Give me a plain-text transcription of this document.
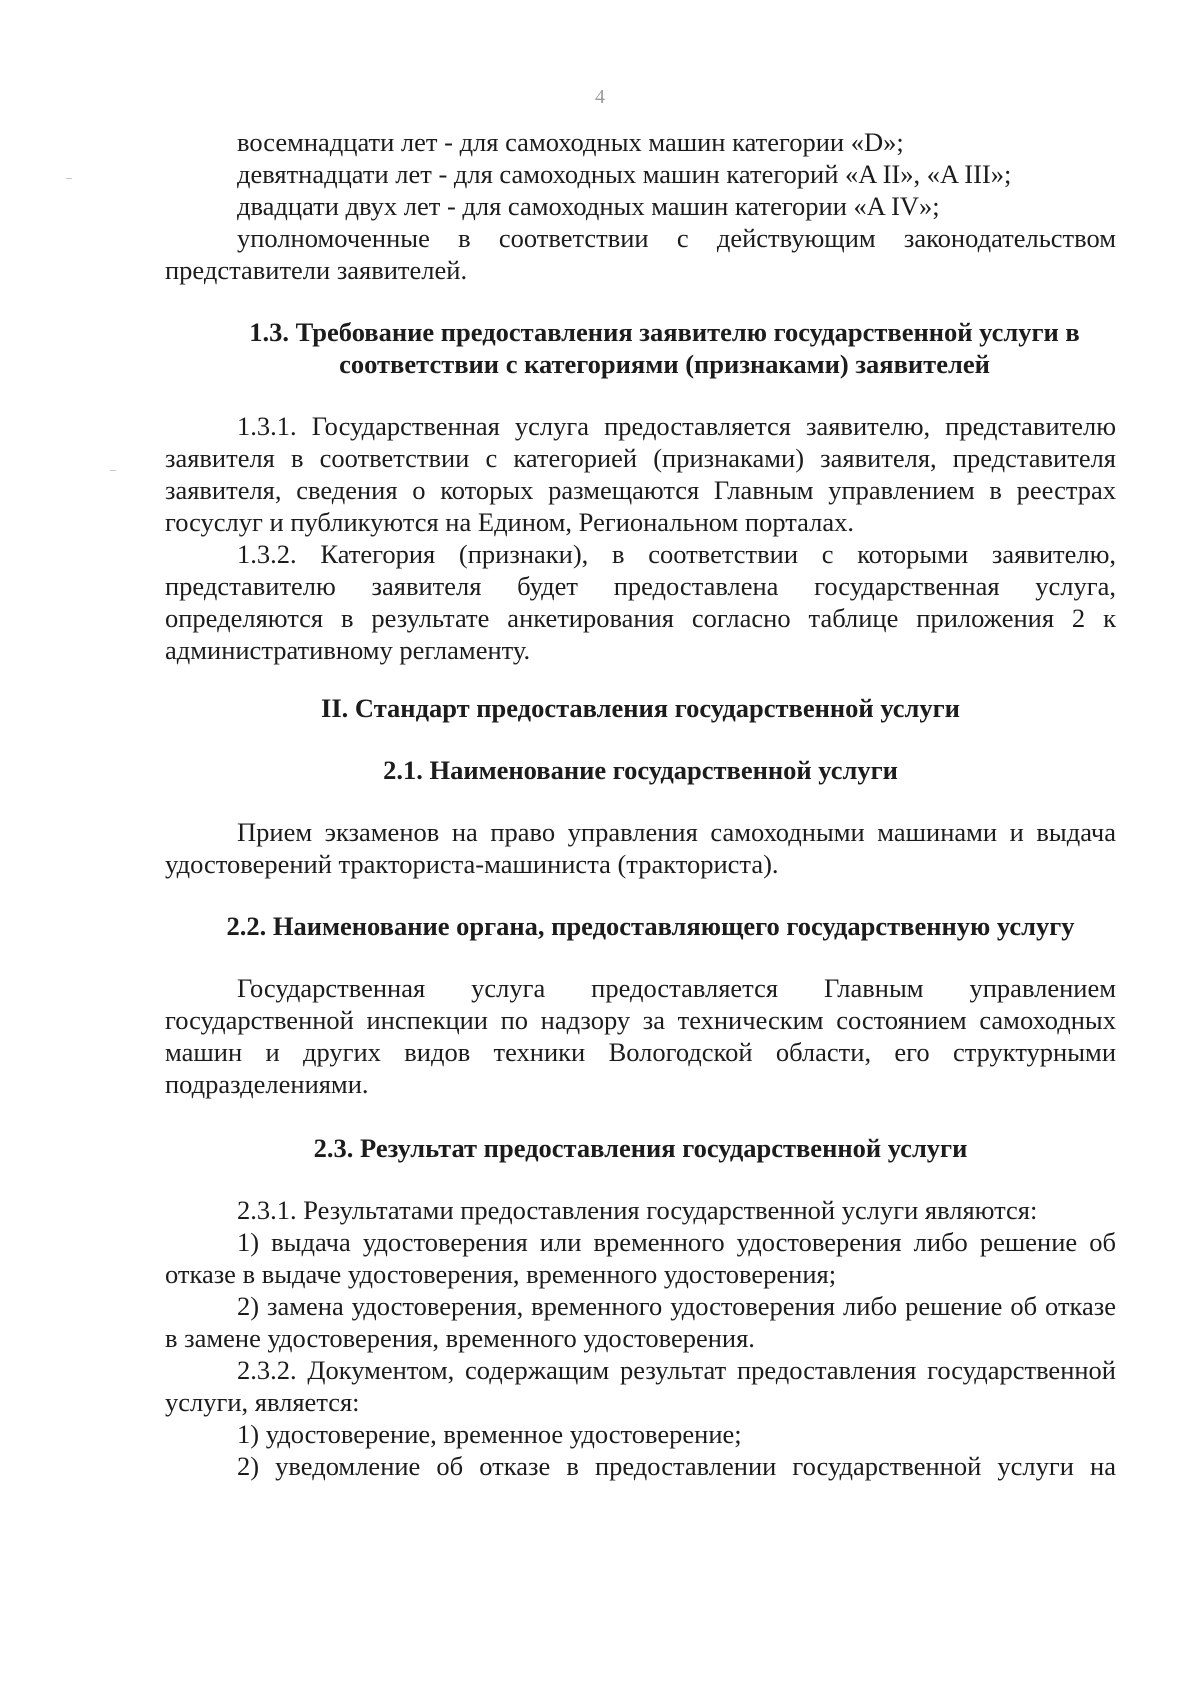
4

восемнадцати лет - для самоходных машин категории «D»;

девятнадцати лет - для самоходных машин категорий «A II», «A III»;

двадцати двух лет - для самоходных машин категории «A IV»;

уполномоченные в соответствии с действующим законодательством представители заявителей.

1.3. Требование предоставления заявителю государственной услуги в соответствии с категориями (признаками) заявителей

1.3.1. Государственная услуга предоставляется заявителю, представителю заявителя в соответствии с категорией (признаками) заявителя, представителя заявителя, сведения о которых размещаются Главным управлением в реестрах госуслуг и публикуются на Едином, Региональном порталах.

1.3.2. Категория (признаки), в соответствии с которыми заявителю, представителю заявителя будет предоставлена государственная услуга, определяются в результате анкетирования согласно таблице приложения 2 к административному регламенту.

II. Стандарт предоставления государственной услуги
2.1. Наименование государственной услуги

Прием экзаменов на право управления самоходными машинами и выдача удостоверений тракториста-машиниста (тракториста).

2.2. Наименование органа, предоставляющего государственную услугу

Государственная услуга предоставляется Главным управлением государственной инспекции по надзору за техническим состоянием самоходных машин и других видов техники Вологодской области, его структурными подразделениями.

2.3. Результат предоставления государственной услуги

2.3.1. Результатами предоставления государственной услуги являются:

1) выдача удостоверения или временного удостоверения либо решение об отказе в выдаче удостоверения, временного удостоверения;

2) замена удостоверения, временного удостоверения либо решение об отказе в замене удостоверения, временного удостоверения.

2.3.2. Документом, содержащим результат предоставления государственной услуги, является:

1) удостоверение, временное удостоверение;

2) уведомление об отказе в предоставлении государственной услуги на
